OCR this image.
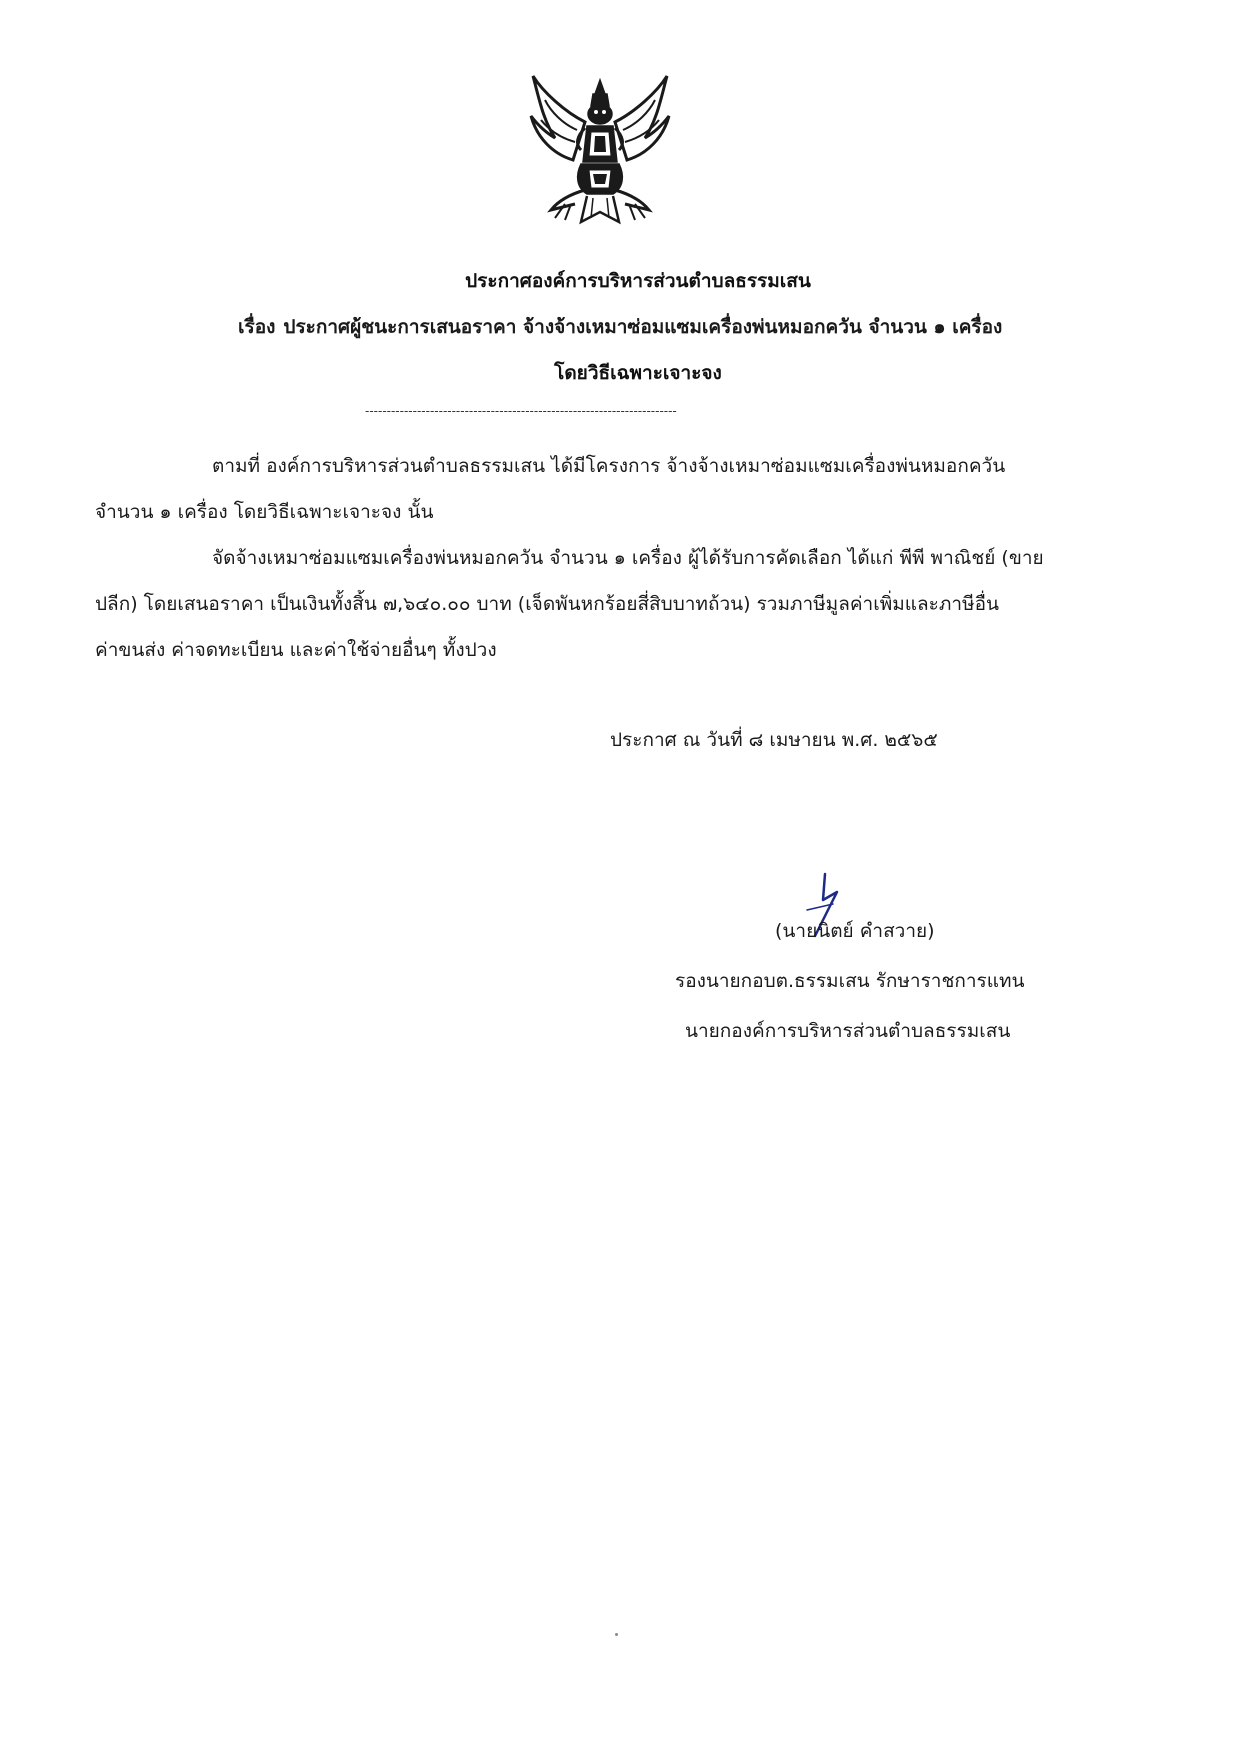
ประกาศองค์การบริหารส่วนตำบลธรรมเสน
เรื่อง ประกาศผู้ชนะการเสนอราคา จ้างจ้างเหมาซ่อมแซมเครื่องพ่นหมอกควัน จำนวน ๑ เครื่อง
โดยวิธีเฉพาะเจาะจง
------------------------------------------------------------------------
ตามที่ องค์การบริหารส่วนตำบลธรรมเสน ได้มีโครงการ จ้างจ้างเหมาซ่อมแซมเครื่องพ่นหมอกควัน
จำนวน ๑ เครื่อง โดยวิธีเฉพาะเจาะจง นั้น
จัดจ้างเหมาซ่อมแซมเครื่องพ่นหมอกควัน จำนวน ๑ เครื่อง ผู้ได้รับการคัดเลือก ได้แก่ พีพี พาณิชย์ (ขาย
ปลีก) โดยเสนอราคา เป็นเงินทั้งสิ้น ๗,๖๔๐.๐๐ บาท (เจ็ดพันหกร้อยสี่สิบบาทถ้วน) รวมภาษีมูลค่าเพิ่มและภาษีอื่น
ค่าขนส่ง ค่าจดทะเบียน และค่าใช้จ่ายอื่นๆ ทั้งปวง
ประกาศ ณ วันที่ ๘ เมษายน พ.ศ. ๒๕๖๕
(นายนิตย์ คำสวาย)
รองนายกอบต.ธรรมเสน รักษาราชการแทน
นายกองค์การบริหารส่วนตำบลธรรมเสน
